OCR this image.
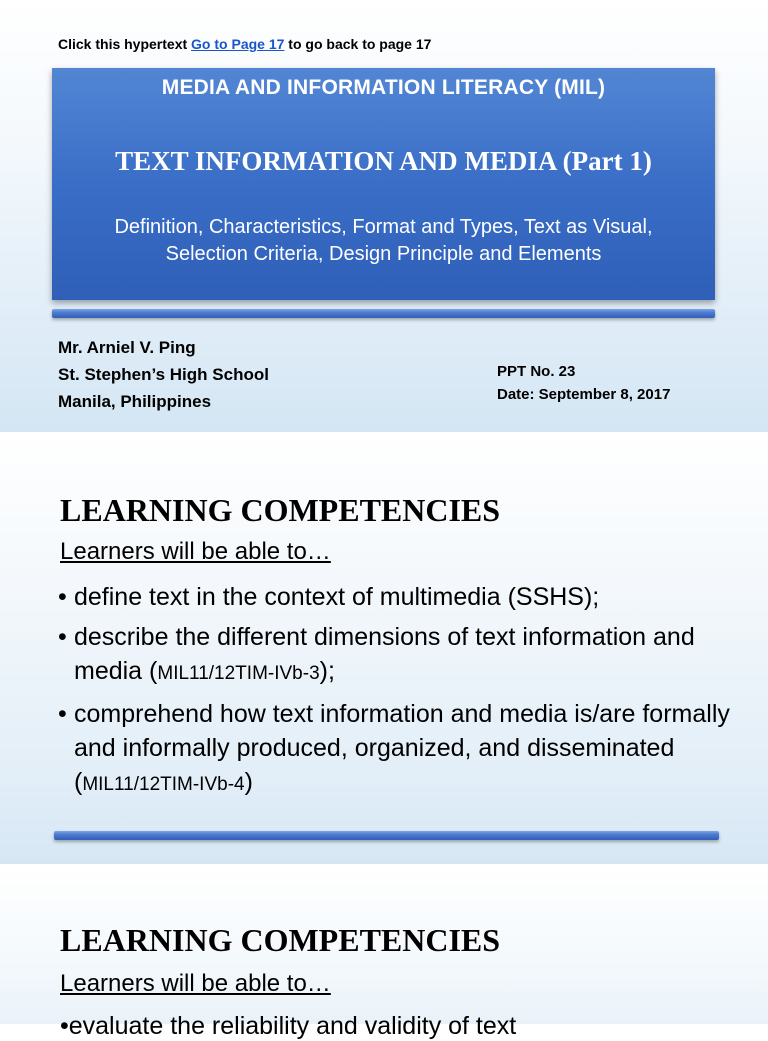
Click this hypertext Go to Page 17 to go back to page 17
MEDIA AND INFORMATION LITERACY (MIL)
TEXT INFORMATION AND MEDIA (Part 1)
Definition, Characteristics, Format and Types, Text as Visual,
Selection Criteria, Design Principle and Elements
Mr. Arniel V. Ping
St. Stephen’s High School
Manila, Philippines
PPT No. 23
Date: September 8, 2017
LEARNING COMPETENCIES
Learners will be able to…
• define text in the context of multimedia (SSHS);
• describe the different dimensions of text information and media (MIL11/12TIM-IVb-3);
• comprehend how text information and media is/are formally and informally produced, organized, and disseminated (MIL11/12TIM-IVb-4)
LEARNING COMPETENCIES
Learners will be able to…
•evaluate the reliability and validity of text
